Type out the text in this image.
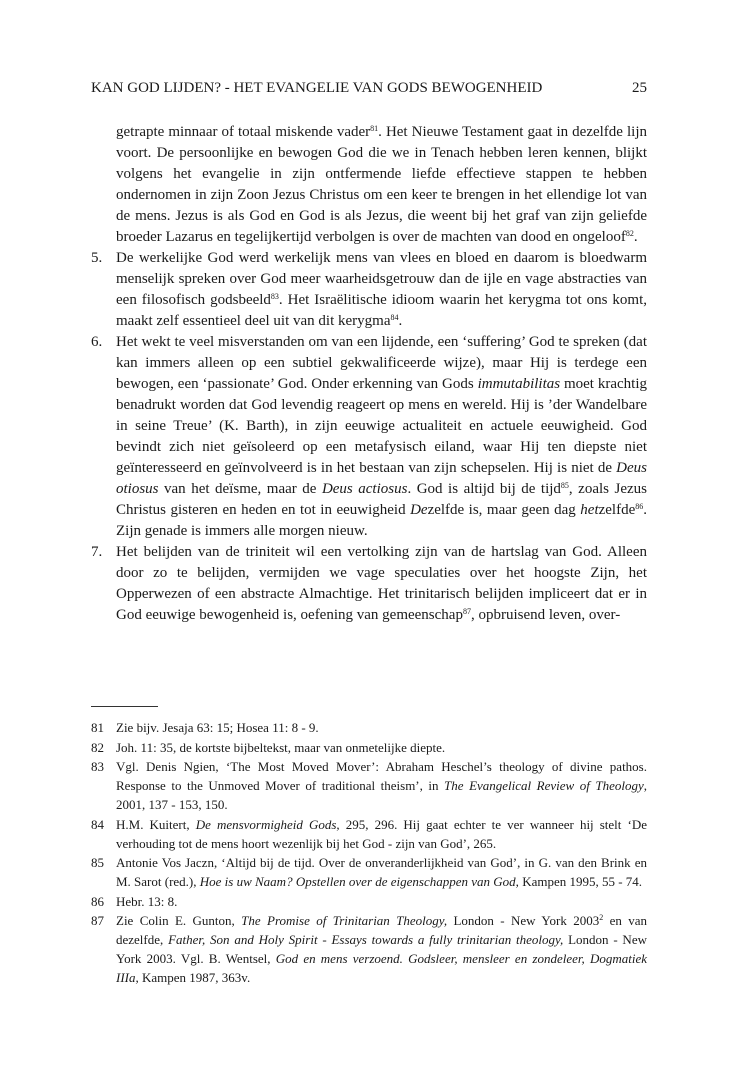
KAN GOD LIJDEN? - HET EVANGELIE VAN GODS BEWOGENHEID	25

getrapte minnaar of totaal miskende vader$^{81}$. Het Nieuwe Testament gaat in dezelfde lijn voort. De persoonlijke en bewogen God die we in Tenach hebben leren kennen, blijkt volgens het evangelie in zijn ontfermende liefde effectieve stappen te hebben ondernomen in zijn Zoon Jezus Christus om een keer te brengen in het ellendige lot van de mens. Jezus is als God en God is als Jezus, die weent bij het graf van zijn geliefde broeder Lazarus en tegelijkertijd verbolgen is over de machten van dood en ongeloof$^{82}$.

5. De werkelijke God werd werkelijk mens van vlees en bloed en daarom is bloedwarm menselijk spreken over God meer waarheidsgetrouw dan de ijle en vage abstracties van een filosofisch godsbeeld$^{83}$. Het Israëlitische idioom waarin het kerygma tot ons komt, maakt zelf essentieel deel uit van dit kerygma$^{84}$.

6. Het wekt te veel misverstanden om van een lijdende, een ‘suffering’ God te spreken (dat kan immers alleen op een subtiel gekwalificeerde wijze), maar Hij is terdege een bewogen, een ‘passionate’ God. Onder erkenning van Gods immutabilitas moet krachtig benadrukt worden dat God levendig reageert op mens en wereld. Hij is ’der Wandelbare in seine Treue’ (K. Barth), in zijn eeuwige actualiteit en actuele eeuwigheid. God bevindt zich niet geïsoleerd op een metafysisch eiland, waar Hij ten diepste niet geïnteresseerd en geïnvolveerd is in het bestaan van zijn schepselen. Hij is niet de Deus otiosus van het deïsme, maar de Deus actiosus. God is altijd bij de tijd$^{85}$, zoals Jezus Christus gisteren en heden en tot in eeuwigheid Dezelfde is, maar geen dag hetzelfde$^{86}$. Zijn genade is immers alle morgen nieuw.

7. Het belijden van de triniteit wil een vertolking zijn van de hartslag van God. Alleen door zo te belijden, vermijden we vage speculaties over het hoogste Zijn, het Opperwezen of een abstracte Almachtige. Het trinitarisch belijden impliceert dat er in God eeuwige bewogenheid is, oefening van gemeenschap$^{87}$, opbruisend leven, over-

81 Zie bijv. Jesaja 63: 15; Hosea 11: 8 - 9.

82 Joh. 11: 35, de kortste bijbeltekst, maar van onmetelijke diepte.

83 Vgl. Denis Ngien, ‘The Most Moved Mover’: Abraham Heschel’s theology of divine pathos. Response to the Unmoved Mover of traditional theism’, in The Evangelical Review of Theology, 2001, 137 - 153, 150.

84 H.M. Kuitert, De mensvormigheid Gods, 295, 296. Hij gaat echter te ver wanneer hij stelt ‘De verhouding tot de mens hoort wezenlijk bij het God - zijn van God’, 265.

85 Antonie Vos Jaczn, ‘Altijd bij de tijd. Over de onveranderlijkheid van God’, in G. van den Brink en M. Sarot (red.), Hoe is uw Naam? Opstellen over de eigenschappen van God, Kampen 1995, 55 - 74.

86 Hebr. 13: 8.

87 Zie Colin E. Gunton, The Promise of Trinitarian Theology, London - New York 2003$^2$ en van dezelfde, Father, Son and Holy Spirit - Essays towards a fully trinitarian theology, London - New York 2003. Vgl. B. Wentsel, God en mens verzoend. Godsleer, mensleer en zondeleer, Dogmatiek IIIa, Kampen 1987, 363v.
